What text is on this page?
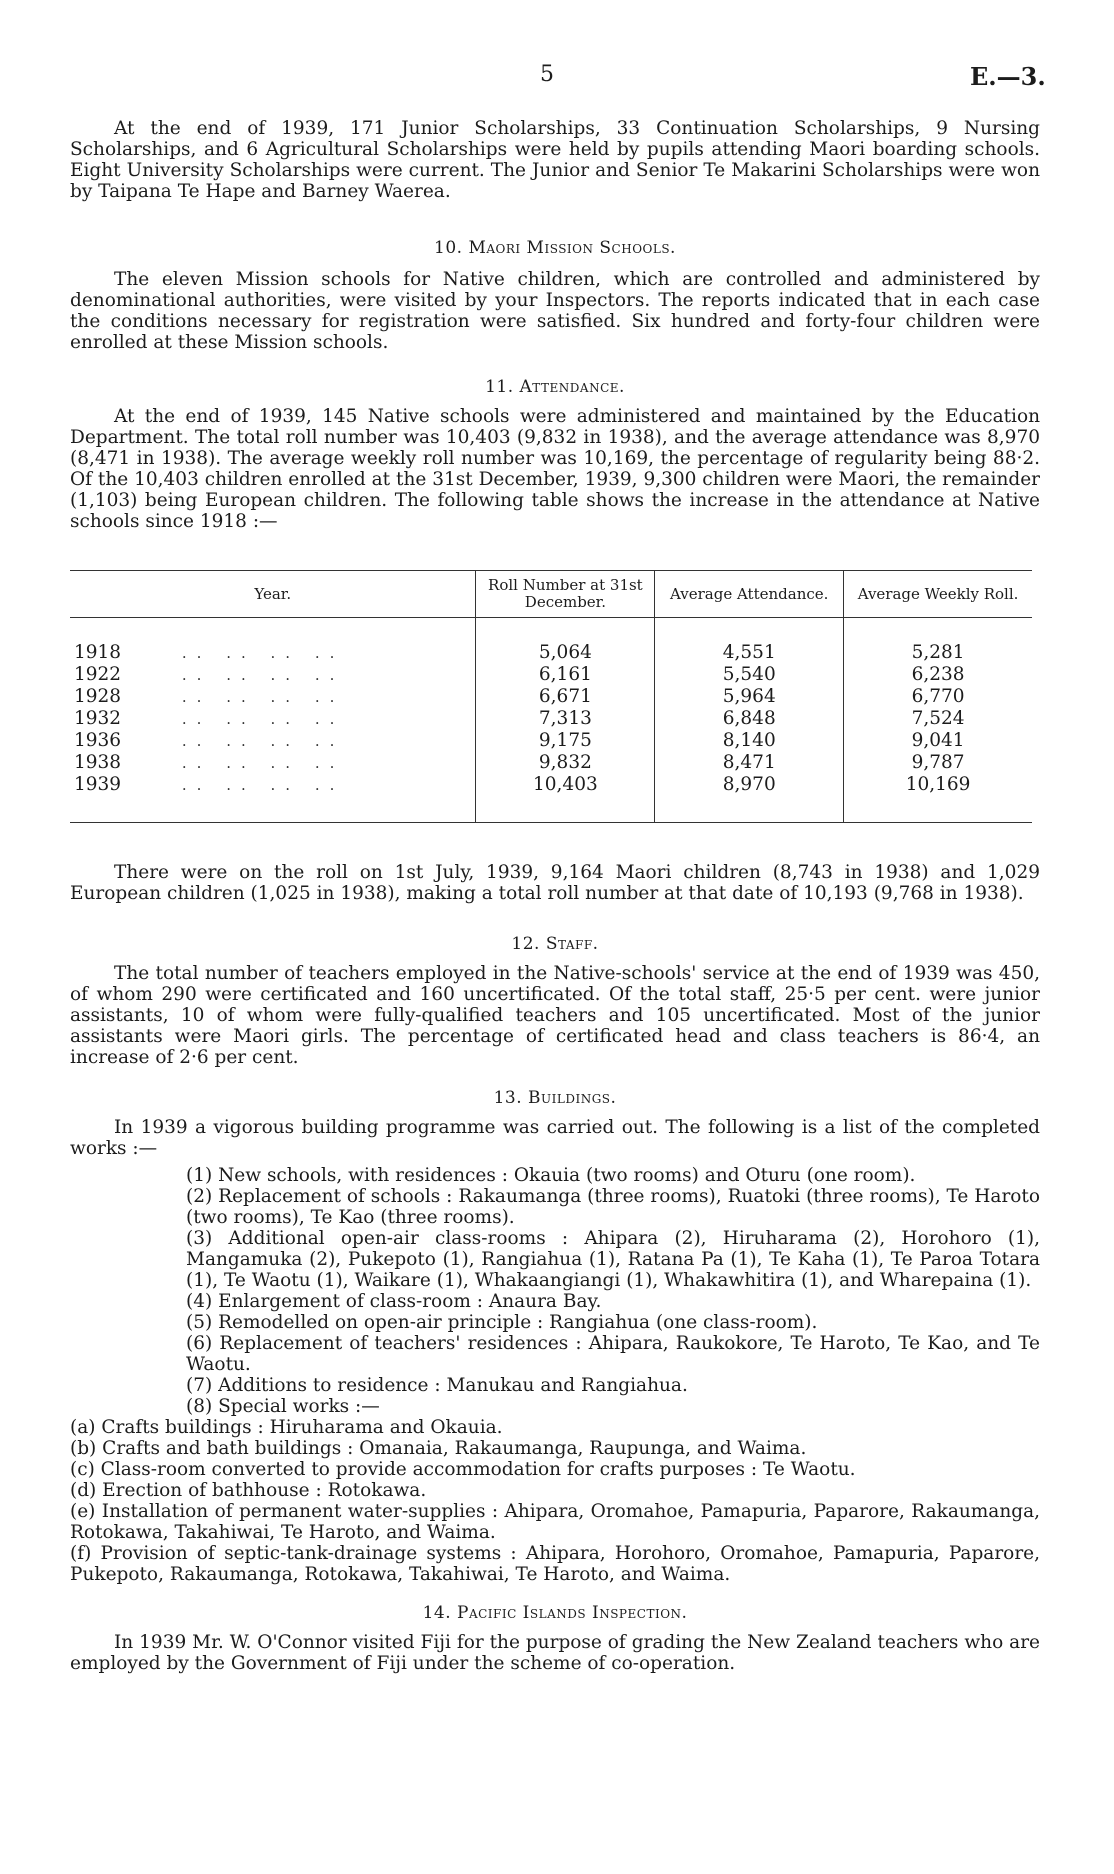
5	E.—3.

At the end of 1939, 171 Junior Scholarships, 33 Continuation Scholarships, 9 Nursing Scholarships, and 6 Agricultural Scholarships were held by pupils attending Maori boarding schools. Eight University Scholarships were current. The Junior and Senior Te Makarini Scholarships were won by Taipana Te Hape and Barney Waerea.

10. Maori Mission Schools.

The eleven Mission schools for Native children, which are controlled and administered by denominational authorities, were visited by your Inspectors. The reports indicated that in each case the conditions necessary for registration were satisfied. Six hundred and forty-four children were enrolled at these Mission schools.

11. Attendance.

At the end of 1939, 145 Native schools were administered and maintained by the Education Department. The total roll number was 10,403 (9,832 in 1938), and the average attendance was 8,970 (8,471 in 1938). The average weekly roll number was 10,169, the percentage of regularity being 88·2. Of the 10,403 children enrolled at the 31st December, 1939, 9,300 children were Maori, the remainder (1,103) being European children. The following table shows the increase in the attendance at Native schools since 1918 :—

Year.		Roll Number at 31st December.	Average Attendance.	Average Weekly Roll.
1918	.. .. .. ..	5,064	4,551	5,281
1922	.. .. .. ..	6,161	5,540	6,238
1928	.. .. .. ..	6,671	5,964	6,770
1932	.. .. .. ..	7,313	6,848	7,524
1936	.. .. .. ..	9,175	8,140	9,041
1938	.. .. .. ..	9,832	8,471	9,787
1939	.. .. .. ..	10,403	8,970	10,169

There were on the roll on 1st July, 1939, 9,164 Maori children (8,743 in 1938) and 1,029 European children (1,025 in 1938), making a total roll number at that date of 10,193 (9,768 in 1938).

12. Staff.

The total number of teachers employed in the Native-schools' service at the end of 1939 was 450, of whom 290 were certificated and 160 uncertificated. Of the total staff, 25·5 per cent. were junior assistants, 10 of whom were fully-qualified teachers and 105 uncertificated. Most of the junior assistants were Maori girls. The percentage of certificated head and class teachers is 86·4, an increase of 2·6 per cent.

13. Buildings.

In 1939 a vigorous building programme was carried out. The following is a list of the completed works :—

(1) New schools, with residences : Okauia (two rooms) and Oturu (one room).

(2) Replacement of schools : Rakaumanga (three rooms), Ruatoki (three rooms), Te Haroto (two rooms), Te Kao (three rooms).

(3) Additional open-air class-rooms : Ahipara (2), Hiruharama (2), Horohoro (1), Mangamuka (2), Pukepoto (1), Rangiahua (1), Ratana Pa (1), Te Kaha (1), Te Paroa Totara (1), Te Waotu (1), Waikare (1), Whakaangiangi (1), Whakawhitira (1), and Wharepaina (1).

(4) Enlargement of class-room : Anaura Bay.

(5) Remodelled on open-air principle : Rangiahua (one class-room).

(6) Replacement of teachers' residences : Ahipara, Raukokore, Te Haroto, Te Kao, and Te Waotu.

(7) Additions to residence : Manukau and Rangiahua.

(8) Special works :—

(a) Crafts buildings : Hiruharama and Okauia.

(b) Crafts and bath buildings : Omanaia, Rakaumanga, Raupunga, and Waima.

(c) Class-room converted to provide accommodation for crafts purposes : Te Waotu.

(d) Erection of bathhouse : Rotokawa.

(e) Installation of permanent water-supplies : Ahipara, Oromahoe, Pamapuria, Paparore, Rakaumanga, Rotokawa, Takahiwai, Te Haroto, and Waima.

(f) Provision of septic-tank-drainage systems : Ahipara, Horohoro, Oromahoe, Pamapuria, Paparore, Pukepoto, Rakaumanga, Rotokawa, Takahiwai, Te Haroto, and Waima.

14. Pacific Islands Inspection.

In 1939 Mr. W. O'Connor visited Fiji for the purpose of grading the New Zealand teachers who are employed by the Government of Fiji under the scheme of co-operation.
